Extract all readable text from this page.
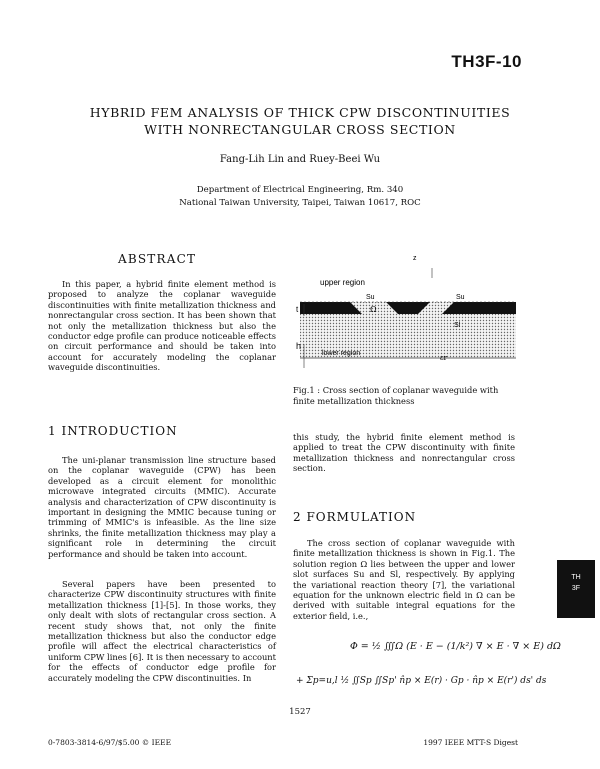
TH3F-10
HYBRID FEM ANALYSIS OF THICK CPW DISCONTINUITIES
WITH NONRECTANGULAR CROSS SECTION
Fang-Lih Lin and Ruey-Beei Wu
Department of Electrical Engineering, Rm. 340
National Taiwan University, Taipei, Taiwan 10617, ROC
ABSTRACT
In this paper, a hybrid finite element method is proposed to analyze the coplanar waveguide discontinuities with finite metallization thickness and nonrectangular cross section. It has been shown that not only the metallization thickness but also the conductor edge profile can produce noticeable effects on circuit performance and should be taken into account for accurately modeling the coplanar waveguide discontinuities.
1 INTRODUCTION
The uni-planar transmission line structure based on the coplanar waveguide (CPW) has been developed as a circuit element for monolithic microwave integrated circuits (MMIC). Accurate analysis and characterization of CPW discontinuity is important in designing the MMIC because tuning or trimming of MMIC's is infeasible. As the line size shrinks, the finite metallization thickness may play a significant role in determining the circuit performance and should be taken into account.
Several papers have been presented to characterize CPW discontinuity structures with finite metallization thickness [1]-[5]. In those works, they only dealt with slots of rectangular cross section. A recent study shows that, not only the finite metallization thickness but also the conductor edge profile will affect the electrical characteristics of uniform CPW lines [6]. It is then necessary to account for the effects of conductor edge profile for accurately modeling the CPW discontinuities. In
upper region
z
Su	Su
Ω
Sl
t
h
lower region
εr
Fig.1 : Cross section of coplanar waveguide with finite metallization thickness
this study, the hybrid finite element method is applied to treat the CPW discontinuity with finite metallization thickness and nonrectangular cross section.
2 FORMULATION
The cross section of coplanar waveguide with finite metallization thickness is shown in Fig.1. The solution region Ω lies between the upper and lower slot surfaces Su and Sl, respectively. By applying the variational reaction theory [7], the variational equation for the unknown electric field in Ω can be derived with suitable integral equations for the exterior field, i.e.,
Φ = ½ ∭Ω (E · E − (1/k²) ∇ × E · ∇ × E) dΩ
+ Σp=u,l ½ ∬Sp ∬Sp' n̂p × E(r) · Gp · n̂p × E(r') ds' ds
TH
3F
1527
0-7803-3814-6/97/$5.00 © IEEE	1997 IEEE MTT-S Digest
